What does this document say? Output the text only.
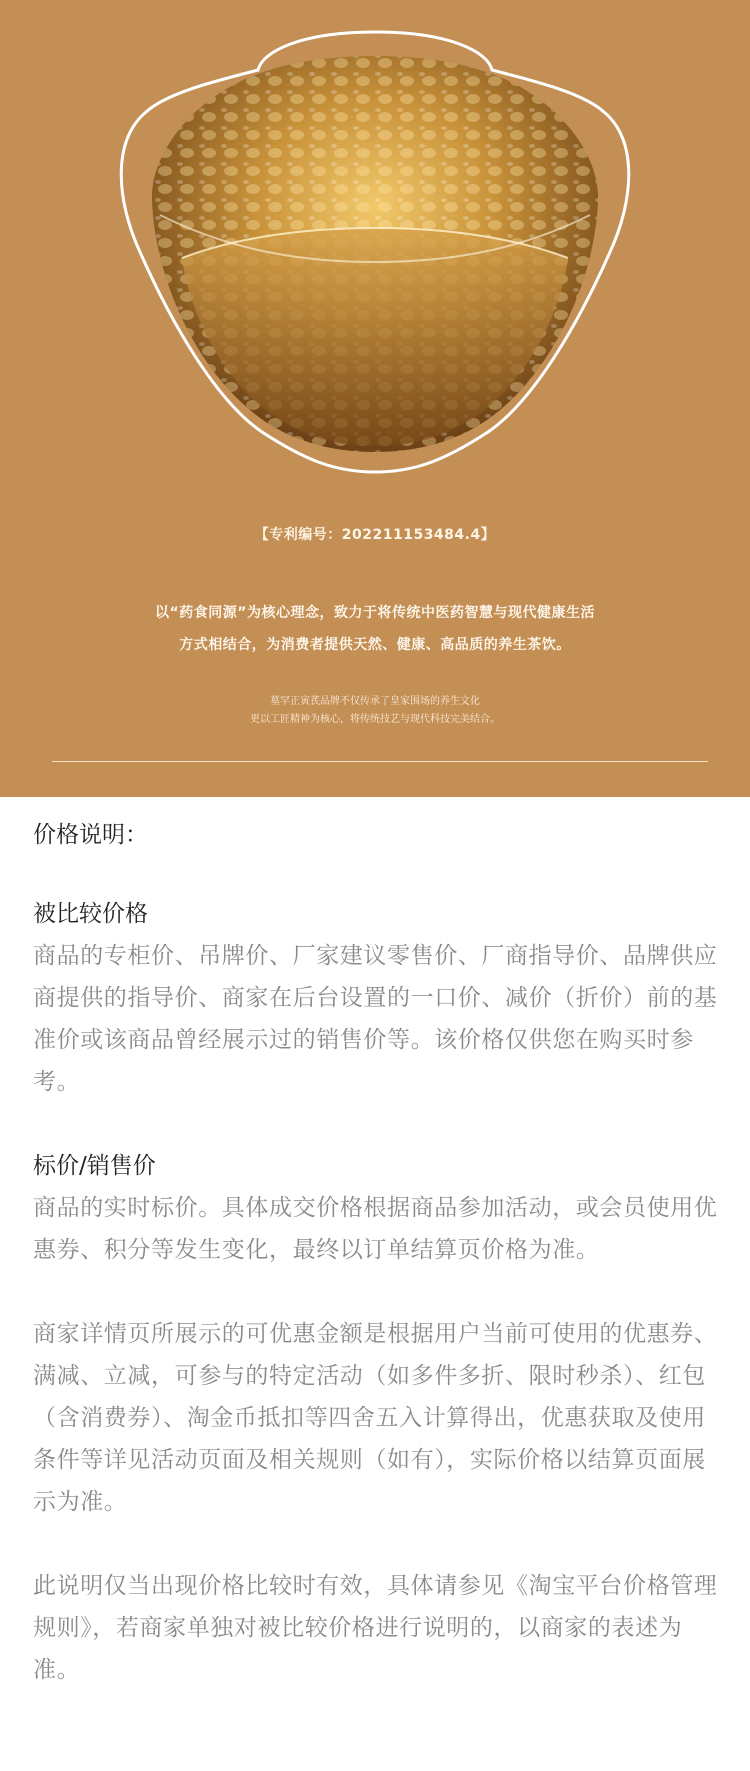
【专利编号：202211153484.4】
以“药食同源”为核心理念，致力于将传统中医药智慧与现代健康生活
方式相结合，为消费者提供天然、健康、高品质的养生茶饮。
墓罕正寅芪品牌不仅传承了皇家围场的养生文化
更以工匠精神为核心，将传统技艺与现代科技完美结合。
价格说明：
被比较价格
商品的专柜价、吊牌价、厂家建议零售价、厂商指导价、品牌供应商提供的指导价、商家在后台设置的一口价、减价（折价）前的基准价或该商品曾经展示过的销售价等。该价格仅供您在购买时参考。
标价/销售价
商品的实时标价。具体成交价格根据商品参加活动，或会员使用优惠券、积分等发生变化，最终以订单结算页价格为准。
商家详情页所展示的可优惠金额是根据用户当前可使用的优惠券、满减、立减，可参与的特定活动（如多件多折、限时秒杀）、红包（含消费券）、淘金币抵扣等四舍五入计算得出，优惠获取及使用条件等详见活动页面及相关规则（如有），实际价格以结算页面展示为准。
此说明仅当出现价格比较时有效，具体请参见《淘宝平台价格管理规则》，若商家单独对被比较价格进行说明的，以商家的表述为准。
